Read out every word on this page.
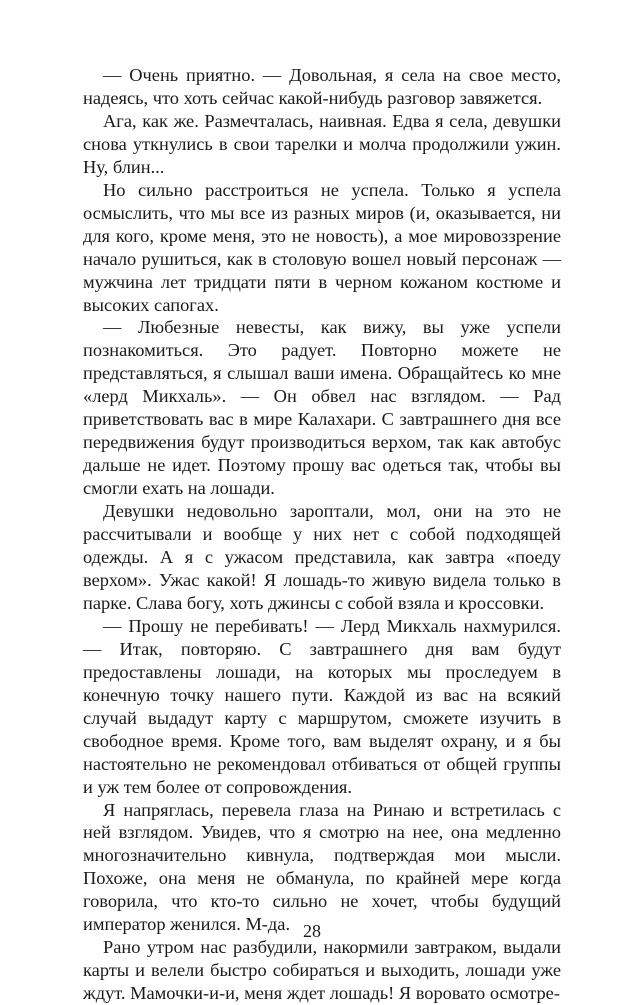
— Очень приятно. — Довольная, я села на свое место, надеясь, что хоть сейчас какой-нибудь разговор завяжется.

Ага, как же. Размечталась, наивная. Едва я села, девушки снова уткнулись в свои тарелки и молча продолжили ужин. Ну, блин...

Но сильно расстроиться не успела. Только я успела осмыслить, что мы все из разных миров (и, оказывается, ни для кого, кроме меня, это не новость), а мое мировоззрение начало рушиться, как в столовую вошел новый персонаж — мужчина лет тридцати пяти в черном кожаном костюме и высоких сапогах.

— Любезные невесты, как вижу, вы уже успели познакомиться. Это радует. Повторно можете не представляться, я слышал ваши имена. Обращайтесь ко мне «лерд Микхаль». — Он обвел нас взглядом. — Рад приветствовать вас в мире Калахари. С завтрашнего дня все передвижения будут производиться верхом, так как автобус дальше не идет. Поэтому прошу вас одеться так, чтобы вы смогли ехать на лошади.

Девушки недовольно зароптали, мол, они на это не рассчитывали и вообще у них нет с собой подходящей одежды. А я с ужасом представила, как завтра «поеду верхом». Ужас какой! Я лошадь-то живую видела только в парке. Слава богу, хоть джинсы с собой взяла и кроссовки.

— Прошу не перебивать! — Лерд Микхаль нахмурился. — Итак, повторяю. С завтрашнего дня вам будут предоставлены лошади, на которых мы проследуем в конечную точку нашего пути. Каждой из вас на всякий случай выдадут карту с маршрутом, сможете изучить в свободное время. Кроме того, вам выделят охрану, и я бы настоятельно не рекомендовал отбиваться от общей группы и уж тем более от сопровождения.

Я напряглась, перевела глаза на Ринаю и встретилась с ней взглядом. Увидев, что я смотрю на нее, она медленно многозначительно кивнула, подтверждая мои мысли. Похоже, она меня не обманула, по крайней мере когда говорила, что кто-то сильно не хочет, чтобы будущий император женился. М-да.

Рано утром нас разбудили, накормили завтраком, выдали карты и велели быстро собираться и выходить, лошади уже ждут. Мамочки-и-и, меня ждет лошадь! Я вороватo осмотре-

28
